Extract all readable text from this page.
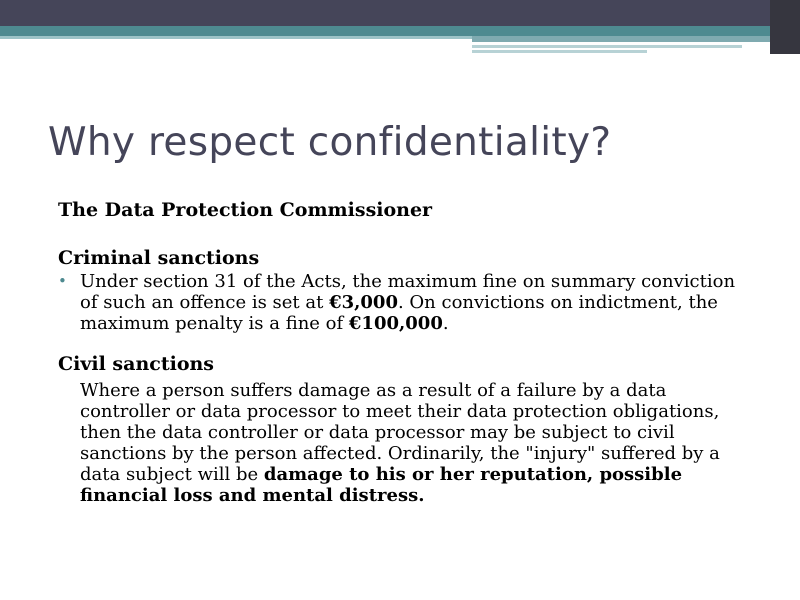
Why respect confidentiality?

The Data Protection Commissioner

Criminal sanctions

• Under section 31 of the Acts, the maximum fine on summary conviction of such an offence is set at €3,000. On convictions on indictment, the maximum penalty is a fine of €100,000.

Civil sanctions

Where a person suffers damage as a result of a failure by a data controller or data processor to meet their data protection obligations, then the data controller or data processor may be subject to civil sanctions by the person affected. Ordinarily, the "injury" suffered by a data subject will be damage to his or her reputation, possible financial loss and mental distress.
